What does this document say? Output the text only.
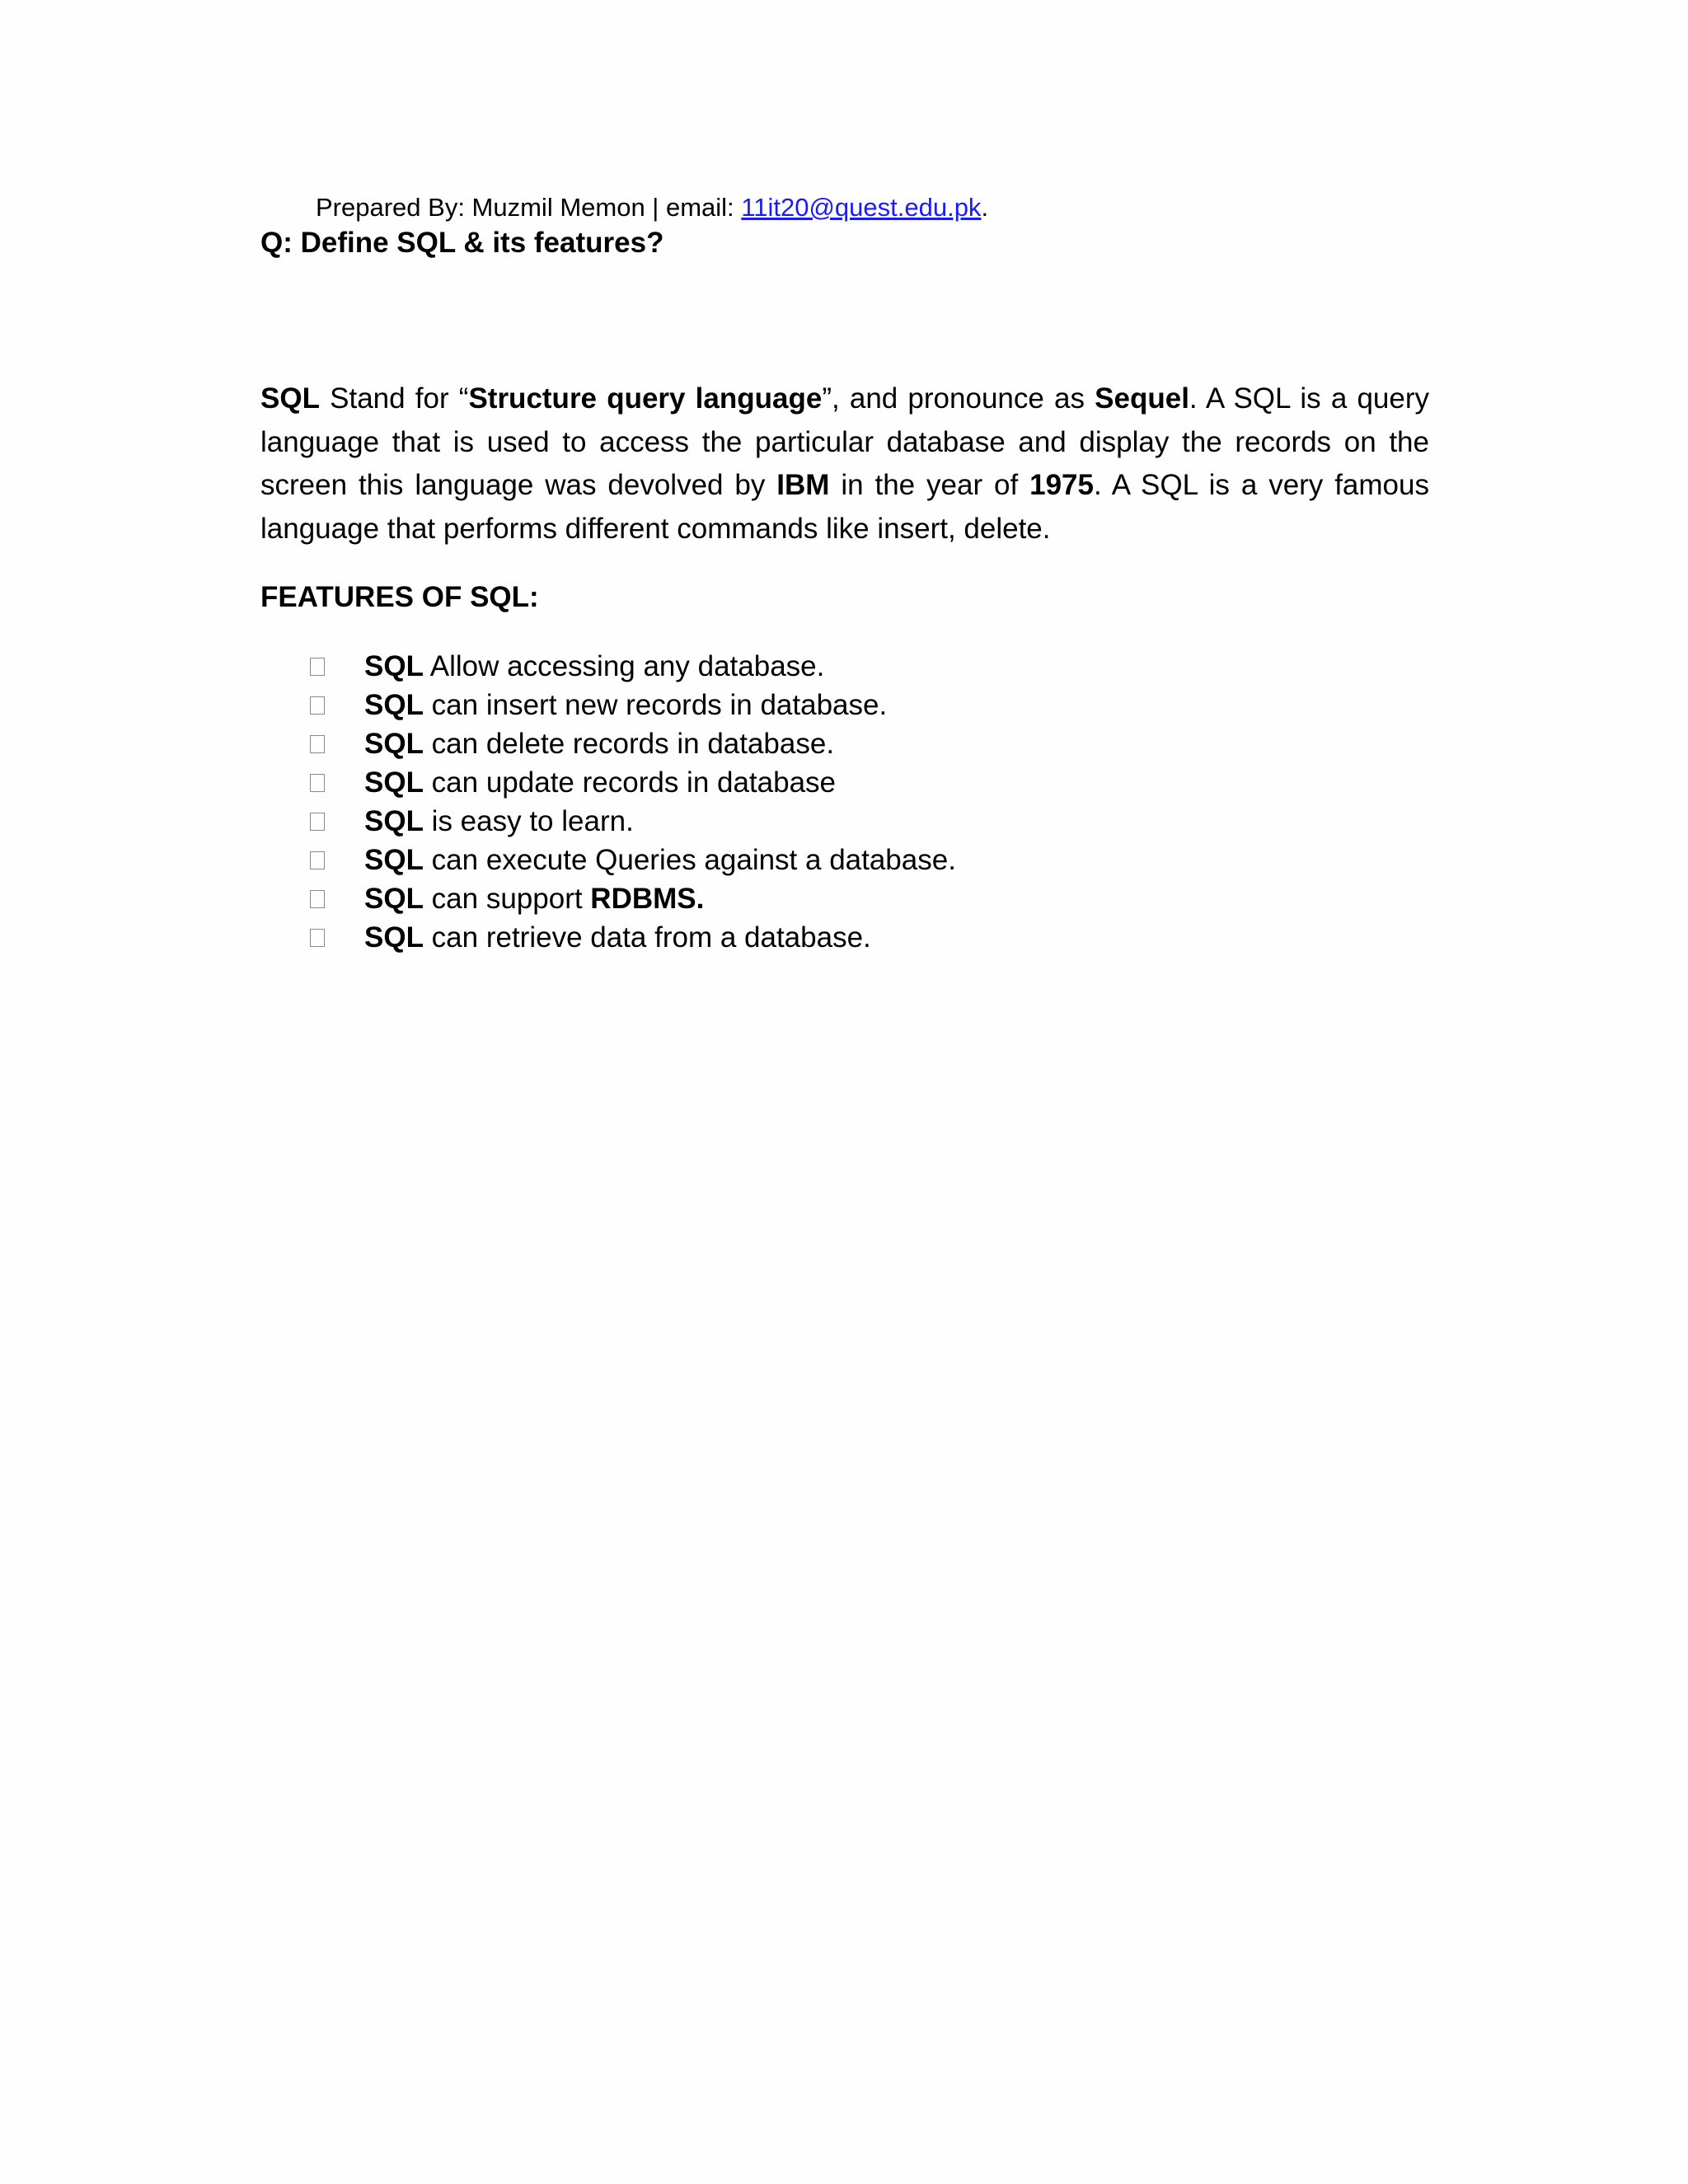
Prepared By: Muzmil Memon | email: 11it20@quest.edu.pk.
Q: Define SQL & its features?

SQL Stand for “Structure query language”, and pronounce as Sequel. A SQL is a query language that is used to access the particular database and display the records on the screen this language was devolved by IBM in the year of 1975. A SQL is a very famous language that performs different commands like insert, delete.

FEATURES OF SQL:
SQL Allow accessing any database.
SQL can insert new records in database.
SQL can delete records in database.
SQL can update records in database
SQL is easy to learn.
SQL can execute Queries against a database.
SQL can support RDBMS.
SQL can retrieve data from a database.
